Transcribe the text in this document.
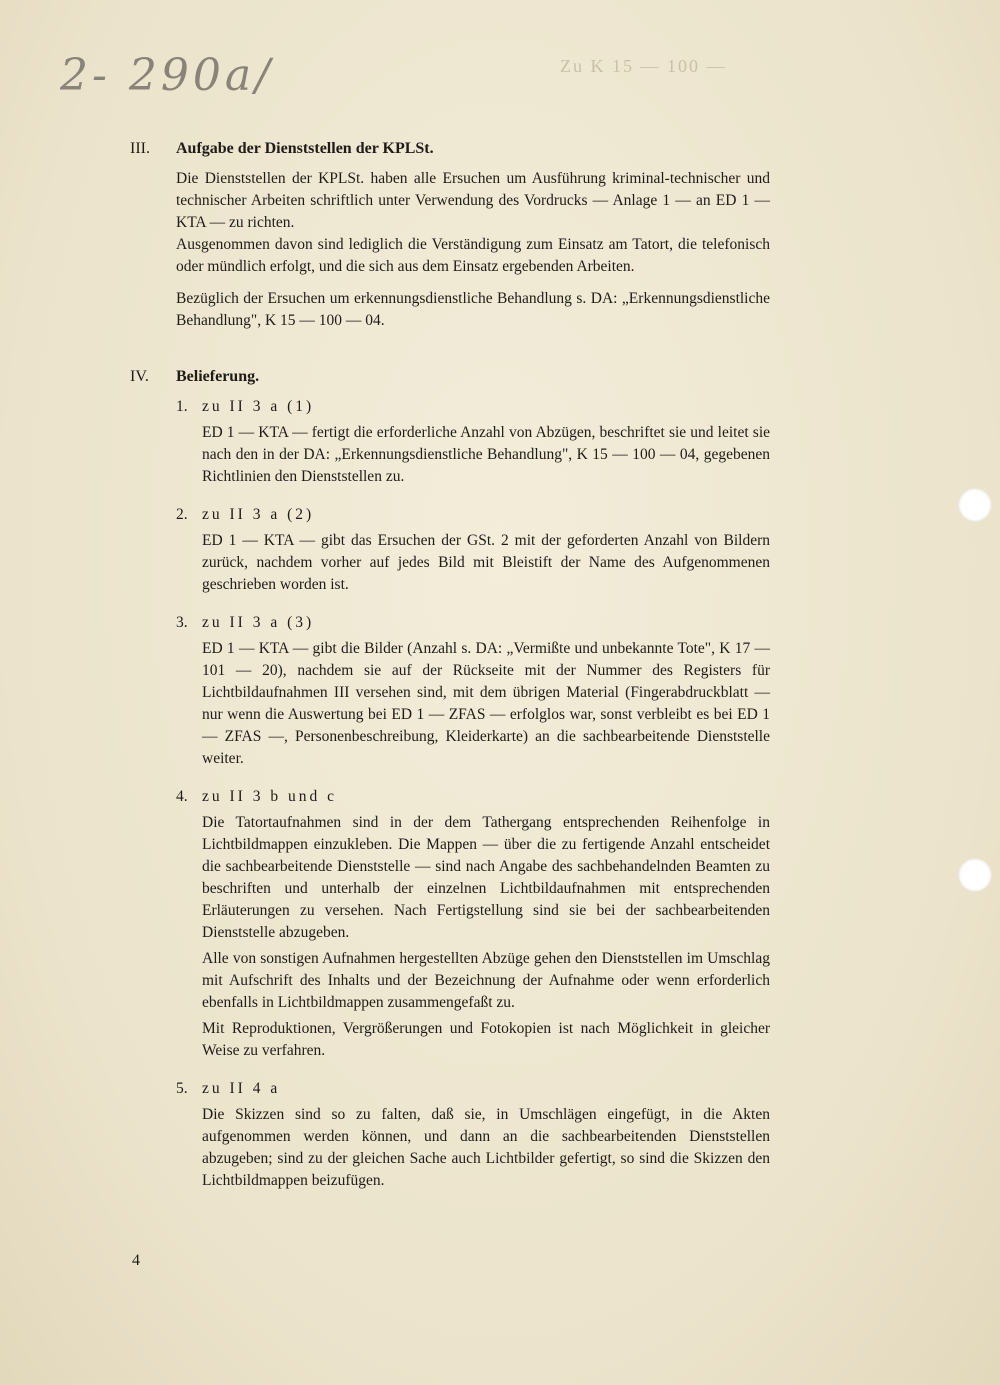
Zu K 15 — 100 —
2- 290a/
III.	Aufgabe der Dienststellen der KPLSt.
Die Dienststellen der KPLSt. haben alle Ersuchen um Ausführung kriminal-technischer und technischer Arbeiten schriftlich unter Verwendung des Vordrucks — Anlage 1 — an ED 1 — KTA — zu richten.
Ausgenommen davon sind lediglich die Verständigung zum Einsatz am Tatort, die telefonisch oder mündlich erfolgt, und die sich aus dem Einsatz ergebenden Arbeiten.
Bezüglich der Ersuchen um erkennungsdienstliche Behandlung s. DA: „Erkennungsdienstliche Behandlung", K 15 — 100 — 04.
IV.	Belieferung.
1. zu II 3 a (1)

ED 1 — KTA — fertigt die erforderliche Anzahl von Abzügen, beschriftet sie und leitet sie nach den in der DA: „Erkennungsdienstliche Behandlung", K 15 — 100 — 04, gegebenen Richtlinien den Dienststellen zu.

2. zu II 3 a (2)

ED 1 — KTA — gibt das Ersuchen der GSt. 2 mit der geforderten Anzahl von Bildern zurück, nachdem vorher auf jedes Bild mit Bleistift der Name des Aufgenommenen geschrieben worden ist.

3. zu II 3 a (3)

ED 1 — KTA — gibt die Bilder (Anzahl s. DA: „Vermißte und unbekannte Tote", K 17 — 101 — 20), nachdem sie auf der Rückseite mit der Nummer des Registers für Lichtbildaufnahmen III versehen sind, mit dem übrigen Material (Fingerabdruckblatt — nur wenn die Auswertung bei ED 1 — ZFAS — erfolglos war, sonst verbleibt es bei ED 1 — ZFAS —, Personenbeschreibung, Kleiderkarte) an die sachbearbeitende Dienststelle weiter.

4. zu II 3 b und c

Die Tatortaufnahmen sind in der dem Tathergang entsprechenden Reihenfolge in Lichtbildmappen einzukleben. Die Mappen — über die zu fertigende Anzahl entscheidet die sachbearbeitende Dienststelle — sind nach Angabe des sachbehandelnden Beamten zu beschriften und unterhalb der einzelnen Lichtbildaufnahmen mit entsprechenden Erläuterungen zu versehen. Nach Fertigstellung sind sie bei der sachbearbeitenden Dienststelle abzugeben.

Alle von sonstigen Aufnahmen hergestellten Abzüge gehen den Dienststellen im Umschlag mit Aufschrift des Inhalts und der Bezeichnung der Aufnahme oder wenn erforderlich ebenfalls in Lichtbildmappen zusammengefaßt zu.

Mit Reproduktionen, Vergrößerungen und Fotokopien ist nach Möglichkeit in gleicher Weise zu verfahren.

5. zu II 4 a

Die Skizzen sind so zu falten, daß sie, in Umschlägen eingefügt, in die Akten aufgenommen werden können, und dann an die sachbearbeitenden Dienststellen abzugeben; sind zu der gleichen Sache auch Lichtbilder gefertigt, so sind die Skizzen den Lichtbildmappen beizufügen.

4
